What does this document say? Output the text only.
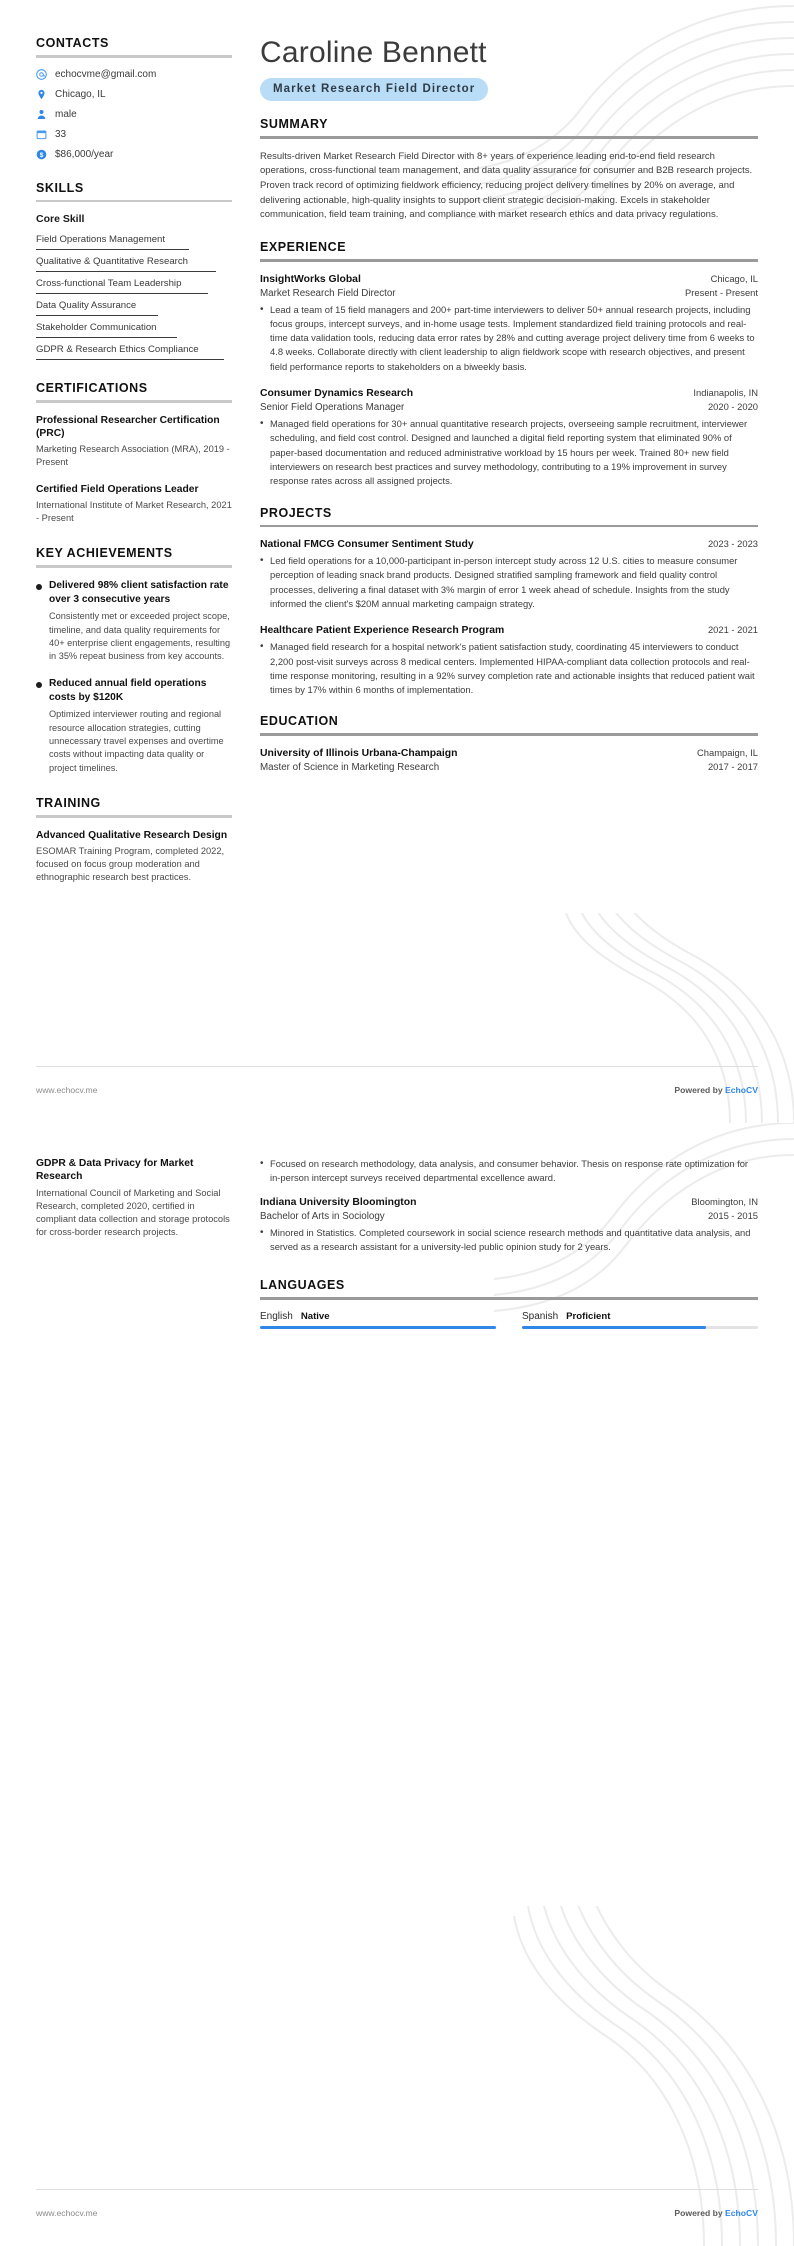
CONTACTS
echocvme@gmail.com
Chicago, IL
male
33
$ $86,000/year
SKILLS
Core Skill
Field Operations Management
Qualitative & Quantitative Research
Cross-functional Team Leadership
Data Quality Assurance
Stakeholder Communication
GDPR & Research Ethics Compliance
CERTIFICATIONS
Professional Researcher Certification (PRC)
Marketing Research Association (MRA), 2019 - Present
Certified Field Operations Leader
International Institute of Market Research, 2021 - Present
KEY ACHIEVEMENTS
Delivered 98% client satisfaction rate over 3 consecutive years
Consistently met or exceeded project scope, timeline, and data quality requirements for 40+ enterprise client engagements, resulting in 35% repeat business from key accounts.
Reduced annual field operations costs by $120K
Optimized interviewer routing and regional resource allocation strategies, cutting unnecessary travel expenses and overtime costs without impacting data quality or project timelines.
TRAINING
Advanced Qualitative Research Design
ESOMAR Training Program, completed 2022, focused on focus group moderation and ethnographic research best practices.
Caroline Bennett
Market Research Field Director
SUMMARY
Results-driven Market Research Field Director with 8+ years of experience leading end-to-end field research operations, cross-functional team management, and data quality assurance for consumer and B2B research projects. Proven track record of optimizing fieldwork efficiency, reducing project delivery timelines by 20% on average, and delivering actionable, high-quality insights to support client strategic decision-making. Excels in stakeholder communication, field team training, and compliance with market research ethics and data privacy regulations.
EXPERIENCE
InsightWorks Global	Chicago, IL
Market Research Field Director	Present - Present
• Lead a team of 15 field managers and 200+ part-time interviewers to deliver 50+ annual research projects, including focus groups, intercept surveys, and in-home usage tests. Implement standardized field training protocols and real-time data validation tools, reducing data error rates by 28% and cutting average project delivery time from 6 weeks to 4.8 weeks. Collaborate directly with client leadership to align fieldwork scope with research objectives, and present field performance reports to stakeholders on a biweekly basis.
Consumer Dynamics Research	Indianapolis, IN
Senior Field Operations Manager	2020 - 2020
• Managed field operations for 30+ annual quantitative research projects, overseeing sample recruitment, interviewer scheduling, and field cost control. Designed and launched a digital field reporting system that eliminated 90% of paper-based documentation and reduced administrative workload by 15 hours per week. Trained 80+ new field interviewers on research best practices and survey methodology, contributing to a 19% improvement in survey response rates across all assigned projects.
PROJECTS
National FMCG Consumer Sentiment Study	2023 - 2023
• Led field operations for a 10,000-participant in-person intercept study across 12 U.S. cities to measure consumer perception of leading snack brand products. Designed stratified sampling framework and field quality control processes, delivering a final dataset with 3% margin of error 1 week ahead of schedule. Insights from the study informed the client's $20M annual marketing campaign strategy.
Healthcare Patient Experience Research Program	2021 - 2021
• Managed field research for a hospital network's patient satisfaction study, coordinating 45 interviewers to conduct 2,200 post-visit surveys across 8 medical centers. Implemented HIPAA-compliant data collection protocols and real-time response monitoring, resulting in a 92% survey completion rate and actionable insights that reduced patient wait times by 17% within 6 months of implementation.
EDUCATION
University of Illinois Urbana-Champaign	Champaign, IL
Master of Science in Marketing Research	2017 - 2017
www.echocv.me	Powered by EchoCV
GDPR & Data Privacy for Market Research
International Council of Marketing and Social Research, completed 2020, certified in compliant data collection and storage protocols for cross-border research projects.
• Focused on research methodology, data analysis, and consumer behavior. Thesis on response rate optimization for in-person intercept surveys received departmental excellence award.
Indiana University Bloomington	Bloomington, IN
Bachelor of Arts in Sociology	2015 - 2015
• Minored in Statistics. Completed coursework in social science research methods and quantitative data analysis, and served as a research assistant for a university-led public opinion study for 2 years.
LANGUAGES
English Native	Spanish Proficient
www.echocv.me	Powered by EchoCV
